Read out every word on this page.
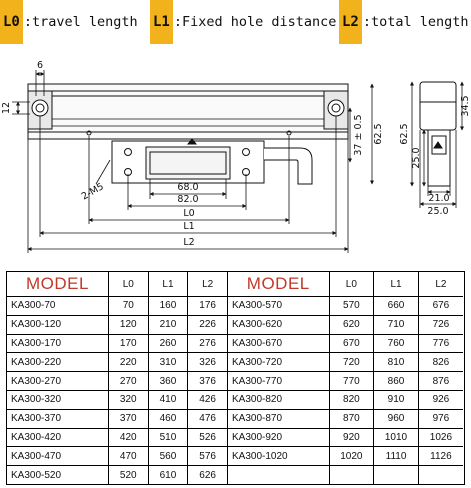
L0 :travel length L1 :Fixed hole distance L2 :total length
6
12
2-M5	68.0
82.0
L0
L1
L2
37 ± 0.5 62.5 62.5
34.5
25.0
21.0
25.0
MODEL	L0	L1	L2
KA300-70	70	160	176
KA300-120	120	210	226
KA300-170	170	260	276
KA300-220	220	310	326
KA300-270	270	360	376
KA300-320	320	410	426
KA300-370	370	460	476
KA300-420	420	510	526
KA300-470	470	560	576
KA300-520	520	610	626
MODEL	L0	L1	L2
KA300-570	570	660	676
KA300-620	620	710	726
KA300-670	670	760	776
KA300-720	720	810	826
KA300-770	770	860	876
KA300-820	820	910	926
KA300-870	870	960	976
KA300-920	920	1010	1026
KA300-1020	1020	1110	1126
